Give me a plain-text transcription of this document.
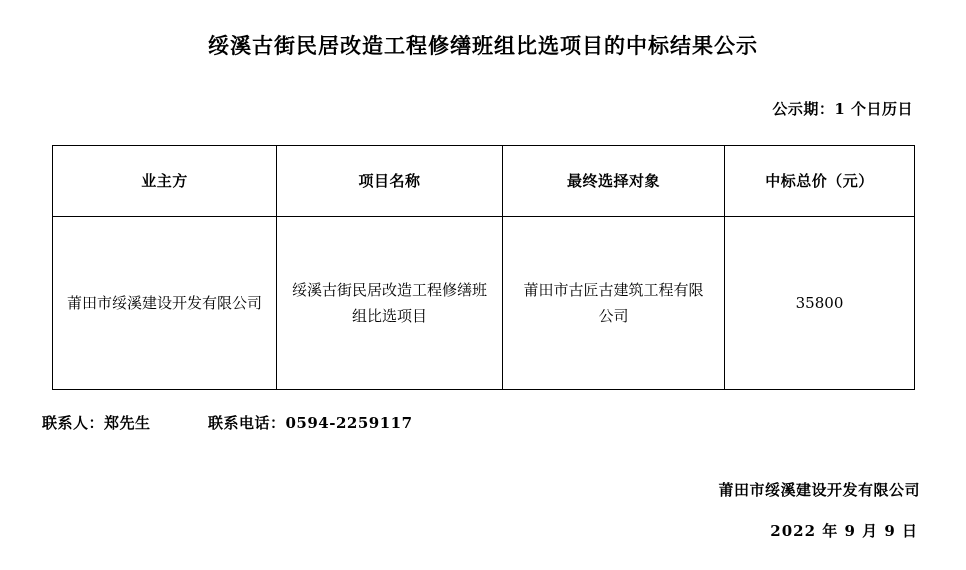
绥溪古街民居改造工程修缮班组比选项目的中标结果公示
公示期：1 个日历日
业主方	项目名称	最终选择对象	中标总价（元）
莆田市绥溪建设开发有限公司	绥溪古街民居改造工程修缮班组比选项目	莆田市古匠古建筑工程有限公司	35800
联系人：郑先生	联系电话：0594-2259117
莆田市绥溪建设开发有限公司
2022 年 9 月 9 日
